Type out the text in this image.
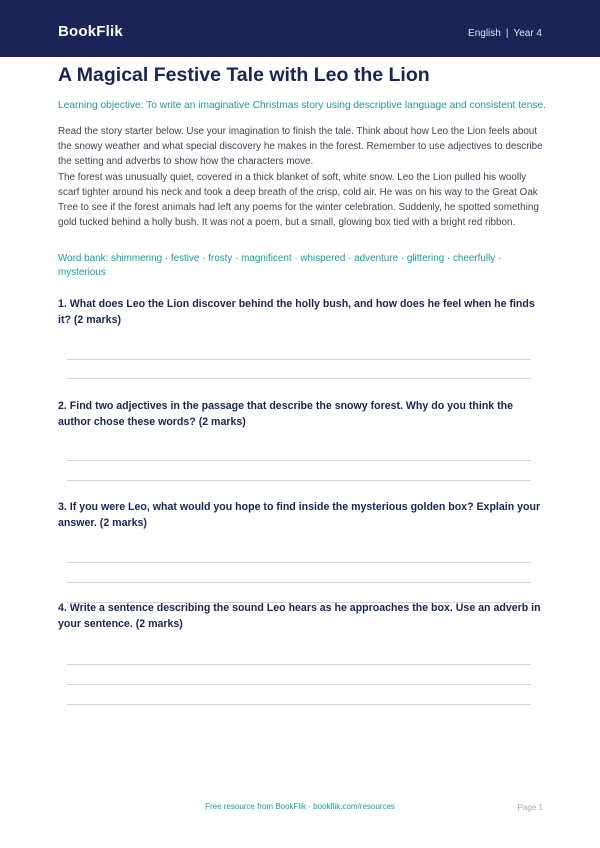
BookFlik	English | Year 4
A Magical Festive Tale with Leo the Lion
Learning objective: To write an imaginative Christmas story using descriptive language and consistent tense.
Read the story starter below. Use your imagination to finish the tale. Think about how Leo the Lion feels about the snowy weather and what special discovery he makes in the forest. Remember to use adjectives to describe the setting and adverbs to show how the characters move.
The forest was unusually quiet, covered in a thick blanket of soft, white snow. Leo the Lion pulled his woolly scarf tighter around his neck and took a deep breath of the crisp, cold air. He was on his way to the Great Oak Tree to see if the forest animals had left any poems for the winter celebration. Suddenly, he spotted something gold tucked behind a holly bush. It was not a poem, but a small, glowing box tied with a bright red ribbon.
Word bank: shimmering · festive · frosty · magnificent · whispered · adventure · glittering · cheerfully · mysterious
1. What does Leo the Lion discover behind the holly bush, and how does he feel when he finds it? (2 marks)
2. Find two adjectives in the passage that describe the snowy forest. Why do you think the author chose these words? (2 marks)
3. If you were Leo, what would you hope to find inside the mysterious golden box? Explain your answer. (2 marks)
4. Write a sentence describing the sound Leo hears as he approaches the box. Use an adverb in your sentence. (2 marks)
Free resource from BookFlik · bookflik.com/resources	Page 1
